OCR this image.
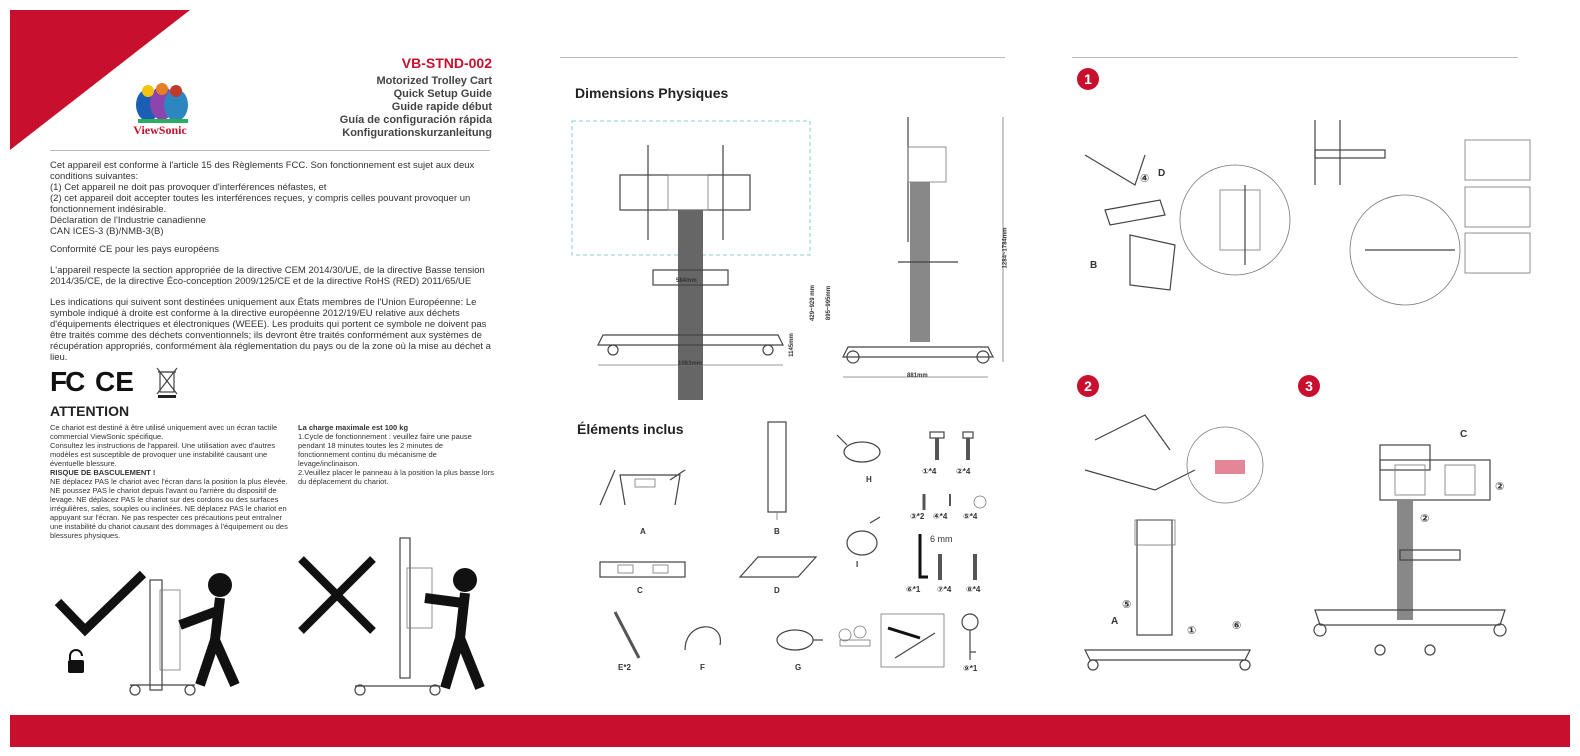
ViewSonic
VB-STND-002
Motorized Trolley Cart
Quick Setup Guide
Guide rapide début
Guía de configuración rápida
Konfigurationskurzanleitung
Cet appareil est conforme à l'article 15 des Règlements FCC. Son fonctionnement est sujet aux deux conditions suivantes:
(1) Cet appareil ne doit pas provoquer d'interférences néfastes, et
(2) cet appareil doit accepter toutes les interférences reçues, y compris celles pouvant provoquer un fonctionnement indésirable.
Déclaration de l'Industrie canadienne
CAN ICES-3 (B)/NMB-3(B)
Conformité CE pour les pays européens
L'appareil respecte la section appropriée de la directive CEM 2014/30/UE, de la directive Basse tension 2014/35/CE, de la directive Éco-conception 2009/125/CE et de la directive RoHS (RED) 2011/65/UE
Les indications qui suivent sont destinées uniquement aux États membres de l'Union Européenne: Le symbole indiqué à droite est conforme à la directive européenne 2012/19/EU relative aux déchets d'équipements électriques et électroniques (WEEE). Les produits qui portent ce symbole ne doivent pas être traités comme des déchets conventionnels; ils devront être traités conformément aux systèmes de récupération appropriés, conformément àla réglementation du pays ou de la zone où la mise au déchet a lieu.
FC CE
ATTENTION
Ce chariot est destiné à être utilisé uniquement avec un écran tactile commercial ViewSonic spécifique.
Consultez les instructions de l'appareil. Une utilisation avec d'autres modèles est susceptible de provoquer une instabilité causant une éventuelle blessure.
RISQUE DE BASCULEMENT !
NE déplacez PAS le chariot avec l'écran dans la position la plus élevée. NE poussez PAS le chariot depuis l'avant ou l'arrière du dispositif de levage. NE déplacez PAS le chariot sur des cordons ou des surfaces irrégulières, sales, souples ou inclinées. NE déplacez PAS le chariot en appuyant sur l'écran. Ne pas respecter ces précautions peut entraîner une instabilité du chariot causant des dommages à l'équipement ou des blessures physiques.
La charge maximale est 100 kg
1.Cycle de fonctionnement : veuillez faire une pause pendant 18 minutes toutes les 2 minutes de fonctionnement continu du mécanisme de levage/inclinaison.
2.Veuillez placer le panneau à la position la plus basse lors du déplacement du chariot.
Dimensions Physiques
584mm
1083mm
429~929 mm 895~995mm
1145mm
1284~1784mm
881mm
Éléments inclus
A	B
C	D
E*2	F	G
H
I
①*4 ②*4
③*2 ④*4 ⑤*4
6 mm
⑥*1 ⑦*4 ⑧*4
⑨*1
1
④ D
B
2	3
⑤
A
①	⑥
C
②
②
